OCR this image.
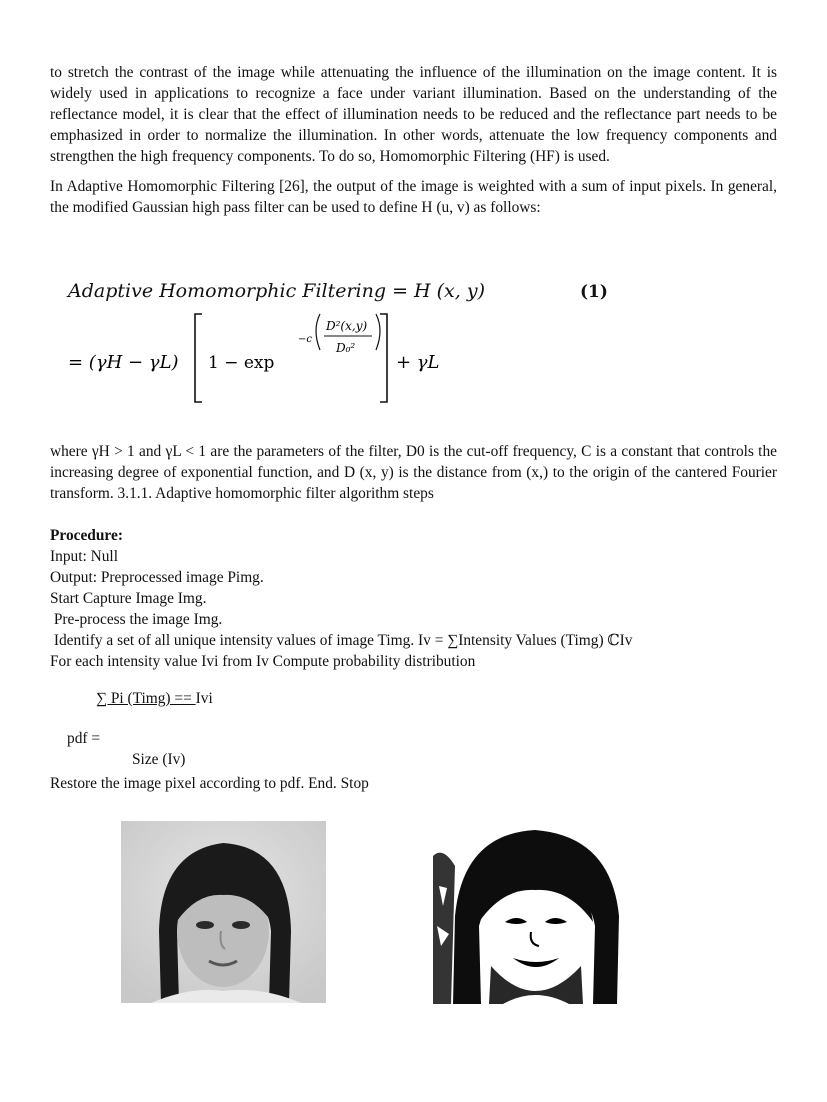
to stretch the contrast of the image while attenuating the influence of the illumination on the image content. It is widely used in applications to recognize a face under variant illumination. Based on the understanding of the reflectance model, it is clear that the effect of illumination needs to be reduced and the reflectance part needs to be emphasized in order to normalize the illumination. In other words, attenuate the low frequency components and strengthen the high frequency components. To do so, Homomorphic Filtering (HF) is used.

In Adaptive Homomorphic Filtering [26], the output of the image is weighted with a sum of input pixels. In general, the modified Gaussian high pass filter can be used to define H (u, v) as follows:

Adaptive Homomorphic Filtering = H (x, y)	(1)
= (γH − γL) 1 − exp
−c
D²(x,y)
D₀²
+ γL

where γH > 1 and γL < 1 are the parameters of the filter, D0 is the cut-off frequency, C is a constant that controls the increasing degree of exponential function, and D (x, y) is the distance from (x,) to the origin of the cantered Fourier transform. 3.1.1. Adaptive homomorphic filter algorithm steps

Procedure:
Input: Null
Output: Preprocessed image Pimg.
Start Capture Image Img.
Pre-process the image Img.
Identify a set of all unique intensity values of image Timg. Iv = ∑Intensity Values (Timg) ℂIv
For each intensity value Ivi from Iv Compute probability distribution
∑ Pi (Timg) == Ivi
pdf =
Size (Iv)
Restore the image pixel according to pdf. End. Stop
